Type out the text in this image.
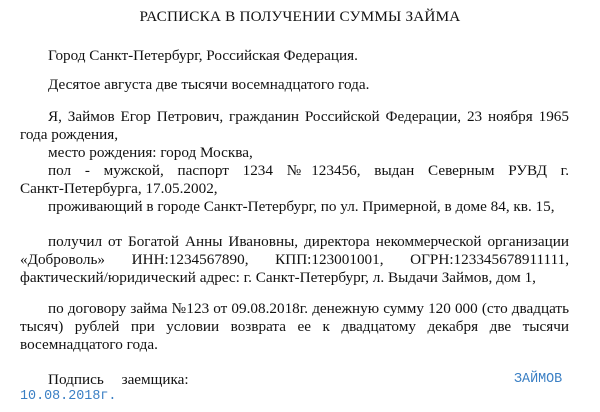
РАСПИСКА В ПОЛУЧЕНИИ СУММЫ ЗАЙМА
Город Санкт-Петербург, Российская Федерация.
Десятое августа две тысячи восемнадцатого года.
Я, Займов Егор Петрович, гражданин Российской Федерации, 23 ноября 1965
года рождения,
место рождения: город Москва,
пол - мужской, паспорт 1234 №123456, выдан Северным РУВД г.
Санкт-Петербурга, 17.05.2002,
проживающий в городе Санкт-Петербург, по ул. Примерной, в доме 84, кв. 15,
получил от Богатой Анны Ивановны, директора некоммерческой организации
«Доброволь» ИНН:1234567890, КПП:123001001, ОГРН:123345678911111,
фактический/юридический адрес: г. Санкт-Петербург, л. Выдачи Займов, дом 1,
по договору займа №123 от 09.08.2018г. денежную сумму 120 000 (сто двадцать
тысяч) рублей при условии возврата ее к двадцатому декабря две тысячи
восемнадцатого года.
Подпись заемщика:	ЗАЙМОВ
10.08.2018г.
